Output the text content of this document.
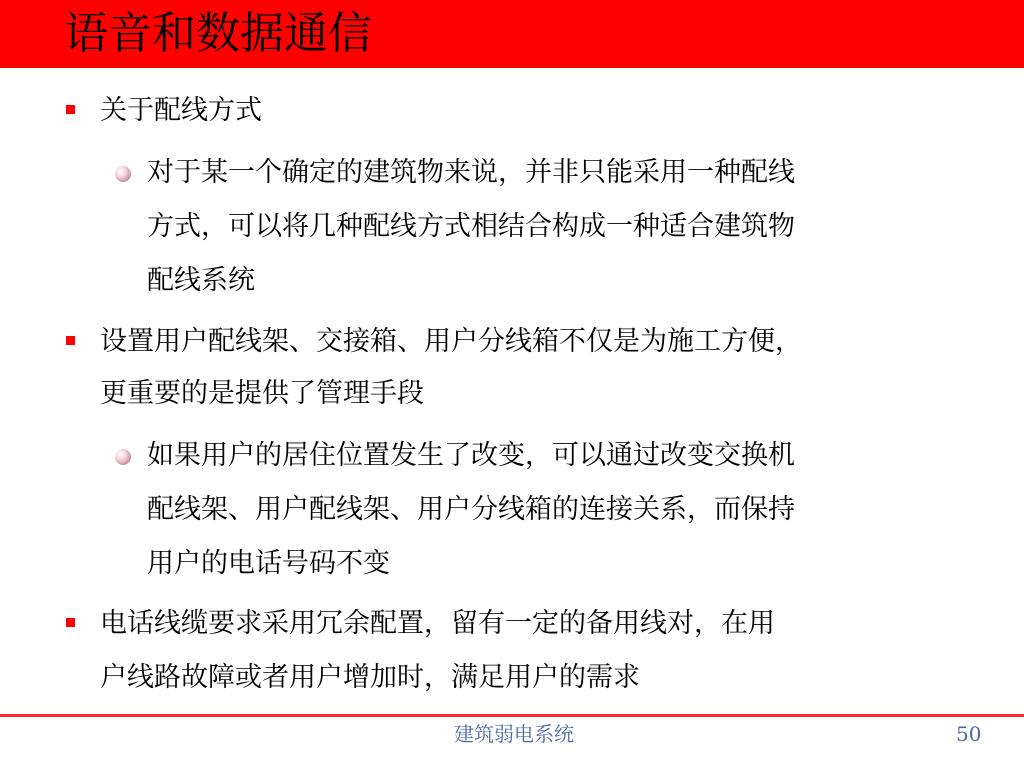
语音和数据通信
关于配线方式
对于某一个确定的建筑物来说，并非只能采用一种配线
方式，可以将几种配线方式相结合构成一种适合建筑物
配线系统
设置用户配线架、交接箱、用户分线箱不仅是为施工方便，
更重要的是提供了管理手段
如果用户的居住位置发生了改变，可以通过改变交换机
配线架、用户配线架、用户分线箱的连接关系，而保持
用户的电话号码不变
电话线缆要求采用冗余配置，留有一定的备用线对，在用
户线路故障或者用户增加时，满足用户的需求
建筑弱电系统	50
